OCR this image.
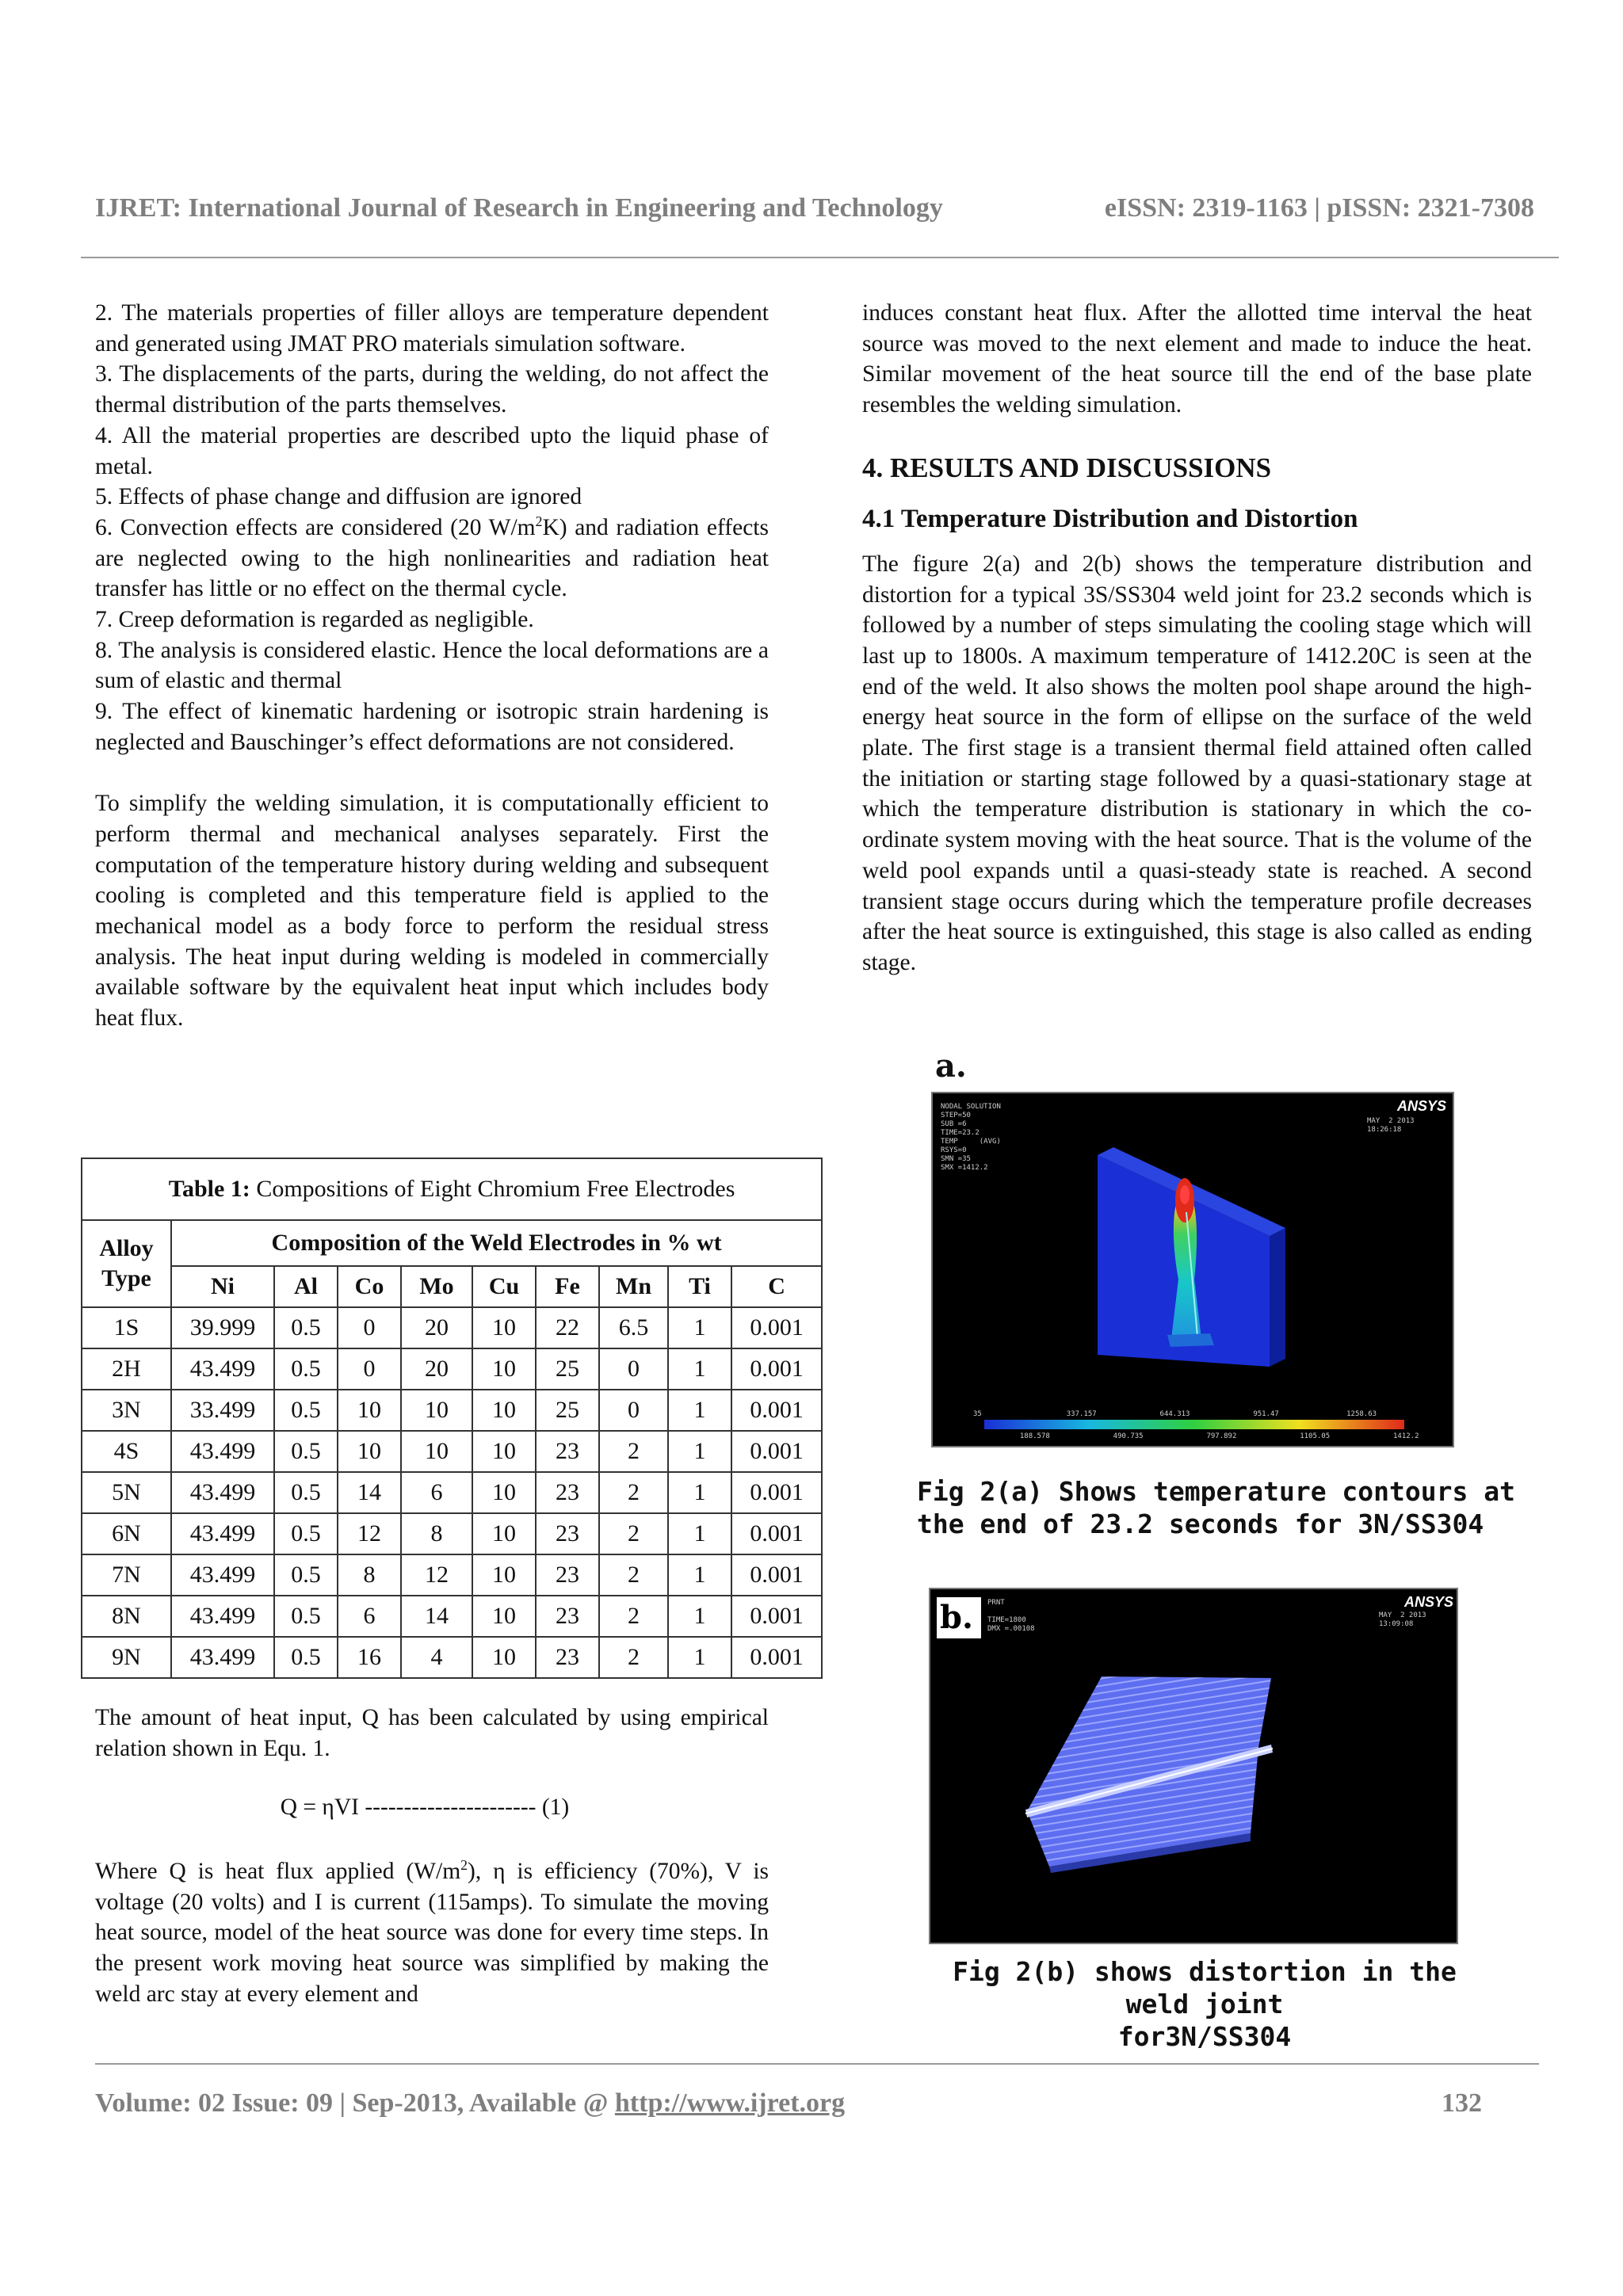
IJRET: International Journal of Research in Engineering and Technology	eISSN: 2319-1163 | pISSN: 2321-7308

2. The materials properties of filler alloys are temperature dependent and generated using JMAT PRO materials simulation software.

3. The displacements of the parts, during the welding, do not affect the thermal distribution of the parts themselves.

4. All the material properties are described upto the liquid phase of metal.

5. Effects of phase change and diffusion are ignored

6. Convection effects are considered (20 $W/m^2K$) and radiation effects are neglected owing to the high nonlinearities and radiation heat transfer has little or no effect on the thermal cycle.

7. Creep deformation is regarded as negligible.

8. The analysis is considered elastic. Hence the local deformations are a sum of elastic and thermal

9. The effect of kinematic hardening or isotropic strain hardening is neglected and Bauschinger’s effect deformations are not considered.

To simplify the welding simulation, it is computationally efficient to perform thermal and mechanical analyses separately. First the computation of the temperature history during welding and subsequent cooling is completed and this temperature field is applied to the mechanical model as a body force to perform the residual stress analysis. The heat input during welding is modeled in commercially available software by the equivalent heat input which includes body heat flux.

Table 1: Compositions of Eight Chromium Free Electrodes									
Alloy Type	Composition of the Weld Electrodes in % wt								
	Ni	Al	Co	Mo	Cu	Fe	Mn	Ti	C
1S	39.999	0.5	0	20	10	22	6.5	1	0.001
2H	43.499	0.5	0	20	10	25	0	1	0.001
3N	33.499	0.5	10	10	10	25	0	1	0.001
4S	43.499	0.5	10	10	10	23	2	1	0.001
5N	43.499	0.5	14	6	10	23	2	1	0.001
6N	43.499	0.5	12	8	10	23	2	1	0.001
7N	43.499	0.5	8	12	10	23	2	1	0.001
8N	43.499	0.5	6	14	10	23	2	1	0.001
9N	43.499	0.5	16	4	10	23	2	1	0.001

The amount of heat input, Q has been calculated by using empirical relation shown in Equ. 1.

Q = ηVI ---------------------- (1)

Where Q is heat flux applied $(W/m^2)$, η is efficiency (70%), V is voltage (20 volts) and I is current (115amps). To simulate the moving heat source, model of the heat source was done for every time steps. In the present work moving heat source was simplified by making the weld arc stay at every element and

induces constant heat flux. After the allotted time interval the heat source was moved to the next element and made to induce the heat. Similar movement of the heat source till the end of the base plate resembles the welding simulation.

4. RESULTS AND DISCUSSIONS

4.1 Temperature Distribution and Distortion

The figure 2(a) and 2(b) shows the temperature distribution and distortion for a typical 3S/SS304 weld joint for 23.2 seconds which is followed by a number of steps simulating the cooling stage which will last up to 1800s. A maximum temperature of 1412.20C is seen at the end of the weld. It also shows the molten pool shape around the high-energy heat source in the form of ellipse on the surface of the weld plate. The first stage is a transient thermal field attained often called the initiation or starting stage followed by a quasi-stationary stage at which the temperature distribution is stationary in which the co-ordinate system moving with the heat source. That is the volume of the weld pool expands until a quasi-steady state is reached. A second transient stage occurs during which the temperature profile decreases after the heat source is extinguished, this stage is also called as ending stage.

a.
NODAL SOLUTION
STEP=50
SUB =6
TIME=23.2
TEMP     (AVG)
RSYS=0
SMN =35
SMX =1412.2
MAY  2 2013
18:26:18
ANSYS
35
188.578
337.157
490.735
644.313
797.892
951.47
1105.05
1258.63
1412.2
Fig 2(a) Shows temperature contours at
the end of 23.2 seconds for 3N/SS304
b. PRNT

TIME=1800
DMX =.00108
MAY  2 2013
13:09:08
ANSYS
Fig 2(b) shows distortion in the weld joint
for3N/SS304
Volume: 02 Issue: 09 | Sep-2013, Available @ http://www.ijret.org	132
